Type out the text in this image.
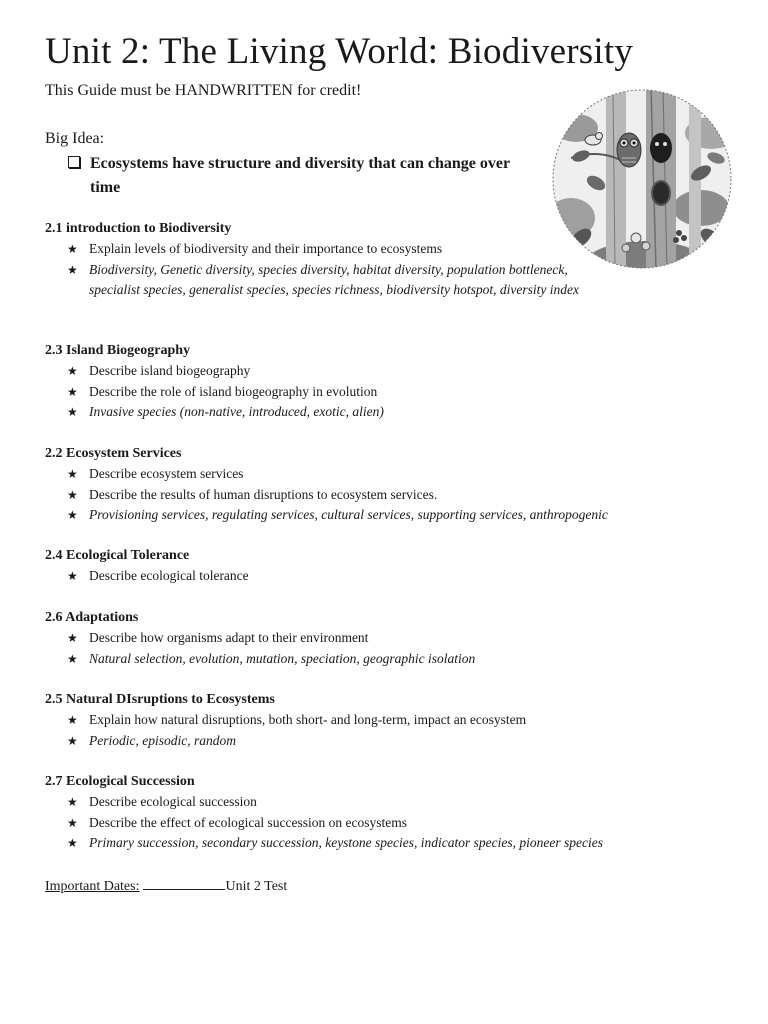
Unit 2: The Living World: Biodiversity
This Guide must be HANDWRITTEN for credit!
Big Idea:
Ecosystems have structure and diversity that can change over time
2.1 introduction to Biodiversity
★ Explain levels of biodiversity and their importance to ecosystems
★ Biodiversity, Genetic diversity, species diversity, habitat diversity, population bottleneck, specialist species, generalist species, species richness, biodiversity hotspot, diversity index
2.3 Island Biogeography
★ Describe island biogeography
★ Describe the role of island biogeography in evolution
★ Invasive species (non-native, introduced, exotic, alien)
2.2 Ecosystem Services
★ Describe ecosystem services
★ Describe the results of human disruptions to ecosystem services.
★ Provisioning services, regulating services, cultural services, supporting services, anthropogenic
2.4 Ecological Tolerance
★ Describe ecological tolerance
2.6 Adaptations
★ Describe how organisms adapt to their environment
★ Natural selection, evolution, mutation, speciation, geographic isolation
2.5 Natural DIsruptions to Ecosystems
★ Explain how natural disruptions, both short- and long-term, impact an ecosystem
★ Periodic, episodic, random
2.7 Ecological Succession
★ Describe ecological succession
★ Describe the effect of ecological succession on ecosystems
★ Primary succession, secondary succession, keystone species, indicator species, pioneer species
Important Dates:	Unit 2 Test
